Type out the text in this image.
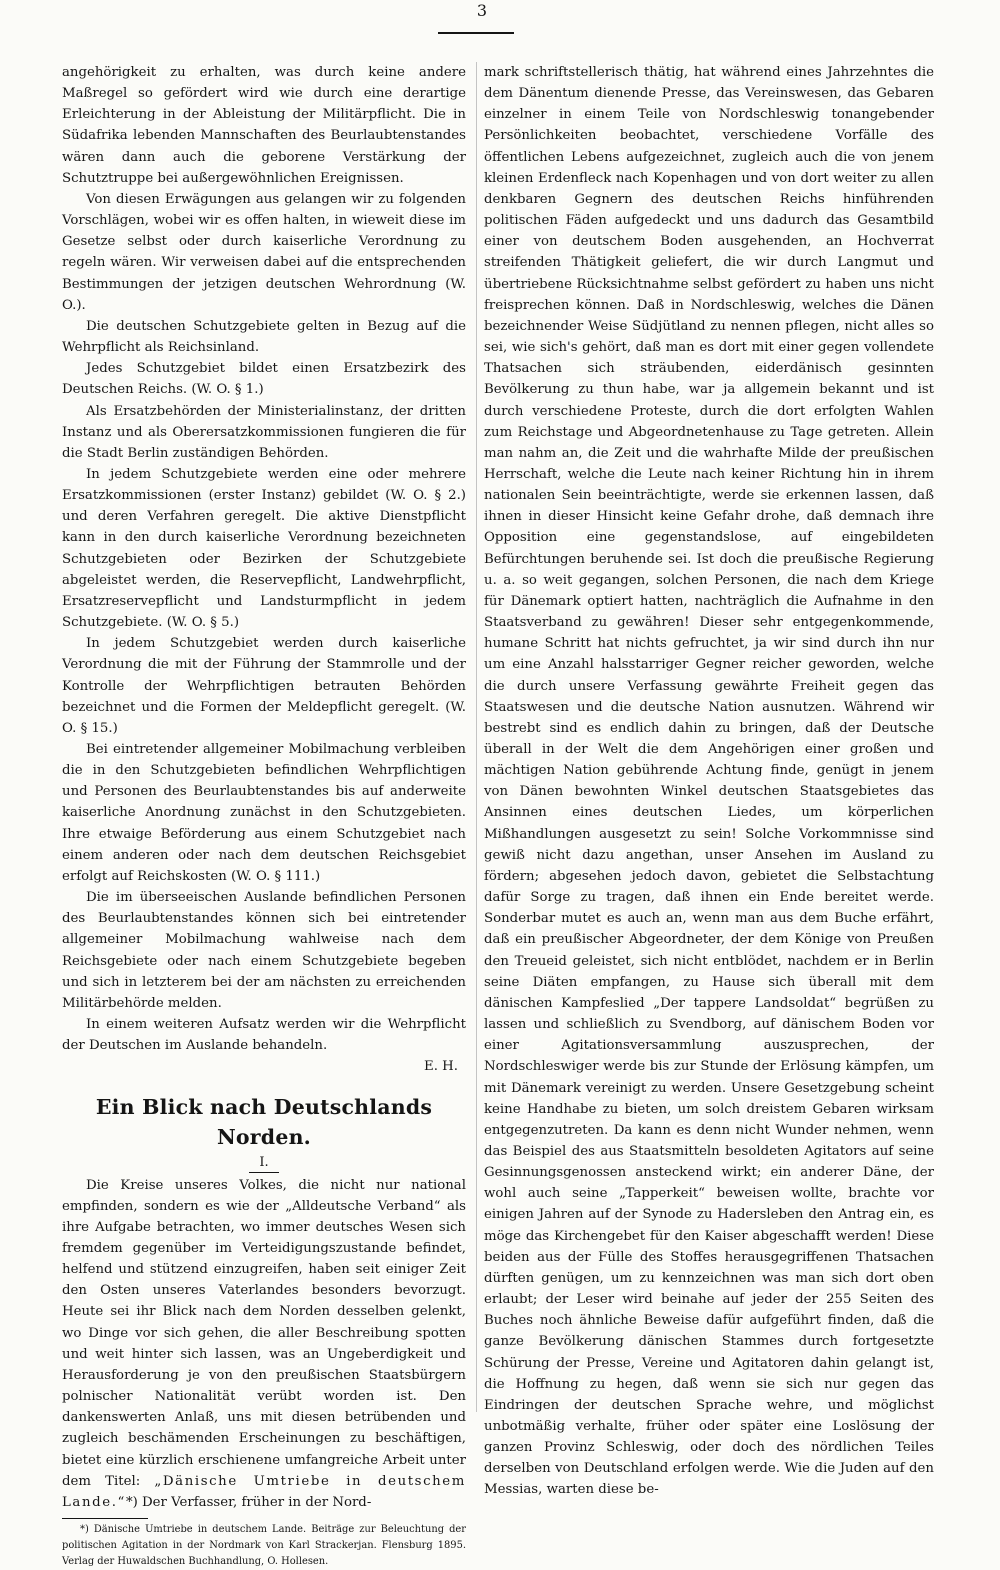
3

angehörigkeit zu erhalten, was durch keine andere Maßregel so gefördert wird wie durch eine derartige Erleichterung in der Ableistung der Militärpflicht. Die in Südafrika lebenden Mannschaften des Beurlaubtenstandes wären dann auch die geborene Verstärkung der Schutztruppe bei außergewöhnlichen Ereignissen.

Von diesen Erwägungen aus gelangen wir zu folgenden Vorschlägen, wobei wir es offen halten, in wieweit diese im Gesetze selbst oder durch kaiserliche Verordnung zu regeln wären. Wir verweisen dabei auf die entsprechenden Bestimmungen der jetzigen deutschen Wehrordnung (W. O.).

Die deutschen Schutzgebiete gelten in Bezug auf die Wehrpflicht als Reichsinland.

Jedes Schutzgebiet bildet einen Ersatzbezirk des Deutschen Reichs. (W. O. § 1.)

Als Ersatzbehörden der Ministerialinstanz, der dritten Instanz und als Oberersatzkommissionen fungieren die für die Stadt Berlin zuständigen Behörden.

In jedem Schutzgebiete werden eine oder mehrere Ersatzkommissionen (erster Instanz) gebildet (W. O. § 2.) und deren Verfahren geregelt. Die aktive Dienstpflicht kann in den durch kaiserliche Verordnung bezeichneten Schutzgebieten oder Bezirken der Schutzgebiete abgeleistet werden, die Reservepflicht, Landwehrpflicht, Ersatzreservepflicht und Landsturmpflicht in jedem Schutzgebiete. (W. O. § 5.)

In jedem Schutzgebiet werden durch kaiserliche Verordnung die mit der Führung der Stammrolle und der Kontrolle der Wehrpflichtigen betrauten Behörden bezeichnet und die Formen der Meldepflicht geregelt. (W. O. § 15.)

Bei eintretender allgemeiner Mobilmachung verbleiben die in den Schutzgebieten befindlichen Wehrpflichtigen und Personen des Beurlaubtenstandes bis auf anderweite kaiserliche Anordnung zunächst in den Schutzgebieten. Ihre etwaige Beförderung aus einem Schutzgebiet nach einem anderen oder nach dem deutschen Reichsgebiet erfolgt auf Reichskosten (W. O. § 111.)

Die im überseeischen Auslande befindlichen Personen des Beurlaubtenstandes können sich bei eintretender allgemeiner Mobilmachung wahlweise nach dem Reichsgebiete oder nach einem Schutzgebiete begeben und sich in letzterem bei der am nächsten zu erreichenden Militärbehörde melden.

In einem weiteren Aufsatz werden wir die Wehrpflicht der Deutschen im Auslande behandeln.

E. H.

Ein Blick nach Deutschlands Norden.
I.

Die Kreise unseres Volkes, die nicht nur national empfinden, sondern es wie der „Alldeutsche Verband“ als ihre Aufgabe betrachten, wo immer deutsches Wesen sich fremdem gegenüber im Verteidigungszustande befindet, helfend und stützend einzugreifen, haben seit einiger Zeit den Osten unseres Vaterlandes besonders bevorzugt. Heute sei ihr Blick nach dem Norden desselben gelenkt, wo Dinge vor sich gehen, die aller Beschreibung spotten und weit hinter sich lassen, was an Ungeberdigkeit und Herausforderung je von den preußischen Staatsbürgern polnischer Nationalität verübt worden ist. Den dankenswerten Anlaß, uns mit diesen betrübenden und zugleich beschämenden Erscheinungen zu beschäftigen, bietet eine kürzlich erschienene umfangreiche Arbeit unter dem Titel: „Dänische Umtriebe in deutschem Lande.“*) Der Verfasser, früher in der Nord-

*) Dänische Umtriebe in deutschem Lande. Beiträge zur Beleuchtung der politischen Agitation in der Nordmark von Karl Strackerjan. Flensburg 1895. Verlag der Huwaldschen Buchhandlung, O. Hollesen.

mark schriftstellerisch thätig, hat während eines Jahrzehntes die dem Dänentum dienende Presse, das Vereinswesen, das Gebaren einzelner in einem Teile von Nordschleswig tonangebender Persönlichkeiten beobachtet, verschiedene Vorfälle des öffentlichen Lebens aufgezeichnet, zugleich auch die von jenem kleinen Erdenfleck nach Kopenhagen und von dort weiter zu allen denkbaren Gegnern des deutschen Reichs hinführenden politischen Fäden aufgedeckt und uns dadurch das Gesamtbild einer von deutschem Boden ausgehenden, an Hochverrat streifenden Thätigkeit geliefert, die wir durch Langmut und übertriebene Rücksichtnahme selbst gefördert zu haben uns nicht freisprechen können. Daß in Nordschleswig, welches die Dänen bezeichnender Weise Südjütland zu nennen pflegen, nicht alles so sei, wie sich's gehört, daß man es dort mit einer gegen vollendete Thatsachen sich sträubenden, eiderdänisch gesinnten Bevölkerung zu thun habe, war ja allgemein bekannt und ist durch verschiedene Proteste, durch die dort erfolgten Wahlen zum Reichstage und Abgeordnetenhause zu Tage getreten. Allein man nahm an, die Zeit und die wahrhafte Milde der preußischen Herrschaft, welche die Leute nach keiner Richtung hin in ihrem nationalen Sein beeinträchtigte, werde sie erkennen lassen, daß ihnen in dieser Hinsicht keine Gefahr drohe, daß demnach ihre Opposition eine gegenstandslose, auf eingebildeten Befürchtungen beruhende sei. Ist doch die preußische Regierung u. a. so weit gegangen, solchen Personen, die nach dem Kriege für Dänemark optiert hatten, nachträglich die Aufnahme in den Staatsverband zu gewähren! Dieser sehr entgegenkommende, humane Schritt hat nichts gefruchtet, ja wir sind durch ihn nur um eine Anzahl halsstarriger Gegner reicher geworden, welche die durch unsere Verfassung gewährte Freiheit gegen das Staatswesen und die deutsche Nation ausnutzen. Während wir bestrebt sind es endlich dahin zu bringen, daß der Deutsche überall in der Welt die dem Angehörigen einer großen und mächtigen Nation gebührende Achtung finde, genügt in jenem von Dänen bewohnten Winkel deutschen Staatsgebietes das Ansinnen eines deutschen Liedes, um körperlichen Mißhandlungen ausgesetzt zu sein! Solche Vorkommnisse sind gewiß nicht dazu angethan, unser Ansehen im Ausland zu fördern; abgesehen jedoch davon, gebietet die Selbstachtung dafür Sorge zu tragen, daß ihnen ein Ende bereitet werde. Sonderbar mutet es auch an, wenn man aus dem Buche erfährt, daß ein preußischer Abgeordneter, der dem Könige von Preußen den Treueid geleistet, sich nicht entblödet, nachdem er in Berlin seine Diäten empfangen, zu Hause sich überall mit dem dänischen Kampfeslied „Der tappere Landsoldat“ begrüßen zu lassen und schließlich zu Svendborg, auf dänischem Boden vor einer Agitationsversammlung auszusprechen, der Nordschleswiger werde bis zur Stunde der Erlösung kämpfen, um mit Dänemark vereinigt zu werden. Unsere Gesetzgebung scheint keine Handhabe zu bieten, um solch dreistem Gebaren wirksam entgegenzutreten. Da kann es denn nicht Wunder nehmen, wenn das Beispiel des aus Staatsmitteln besoldeten Agitators auf seine Gesinnungsgenossen ansteckend wirkt; ein anderer Däne, der wohl auch seine „Tapperkeit“ beweisen wollte, brachte vor einigen Jahren auf der Synode zu Hadersleben den Antrag ein, es möge das Kirchengebet für den Kaiser abgeschafft werden! Diese beiden aus der Fülle des Stoffes herausgegriffenen Thatsachen dürften genügen, um zu kennzeichnen was man sich dort oben erlaubt; der Leser wird beinahe auf jeder der 255 Seiten des Buches noch ähnliche Beweise dafür aufgeführt finden, daß die ganze Bevölkerung dänischen Stammes durch fortgesetzte Schürung der Presse, Vereine und Agitatoren dahin gelangt ist, die Hoffnung zu hegen, daß wenn sie sich nur gegen das Eindringen der deutschen Sprache wehre, und möglichst unbotmäßig verhalte, früher oder später eine Loslösung der ganzen Provinz Schleswig, oder doch des nördlichen Teiles derselben von Deutschland erfolgen werde. Wie die Juden auf den Messias, warten diese be-
